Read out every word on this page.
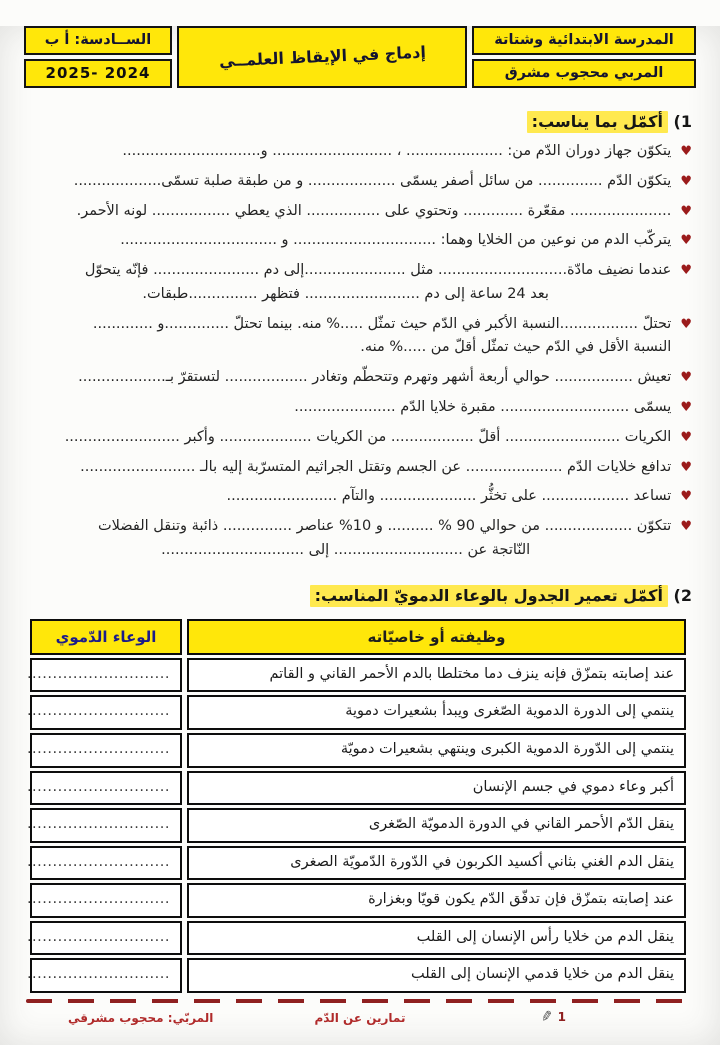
المدرسة الابتدائية وشتاتة
المربي محجوب مشرق
إدماج في الإيقاظ العلمــي
الســادسة: أ ب
2025- 2024
1) أكمّل بما يناسب:
♥
يتكوّن جهاز دوران الدّم من: ..................... ، .......................... و..............................
♥
يتكوّن الدّم .............. من سائل أصفر يسمّى ................... و من طبقة صلبة تسمّى...................
♥
...................... مقعّرة ............. وتحتوي على ................ الذي يعطي ................. لونه الأحمر.
♥
يتركّب الدم من نوعين من الخلايا وهما: ............................... و ..................................
♥
عندما نضيف مادّة............................ مثل ......................إلى دم ....................... فإنّه يتحوّل
بعد 24 ساعة إلى دم ......................... فتظهر ...............طبقات.
♥
تحتلّ .................النسبة الأكبر في الدّم حيث تمثّل .....% منه. بينما تحتلّ ..............و .............
النسبة الأقل في الدّم حيث تمثّل أقلّ من .....% منه.
♥
تعيش ................. حوالي أربعة أشهر وتهرم وتتحطّم وتغادر .................. لتستقرّ بـ...................
♥
يسمّى ............................ مقبرة خلايا الدّم ......................
♥
الكريات ......................... أقلّ .................. من الكريات .................... وأكبر .........................
♥
تدافع خلايات الدّم ..................... عن الجسم وتقتل الجراثيم المتسرّبة إليه بالـ .........................
♥
تساعد ................... على تخثُّر ..................... والتآم ........................
♥
تتكوّن ................... من حوالي 90 % .......... و 10% عناصر ............... ذائبة وتنقل الفضلات
النّاتجة عن ............................ إلى ...............................
2) أكمّل تعمير الجدول بالوعاء الدمويّ المناسب:
وظيفته أو خاصيّاته
الوعاء الدّموي
عند إصابته بتمزّق فإنه ينزف دما مختلطا بالدم الأحمر القاني و القاتم
............................
ينتمي إلى الدورة الدموية الصّغرى ويبدأ بشعيرات دموية
............................
ينتمي إلى الدّورة الدموية الكبرى وينتهي بشعيرات دمويّة
............................
أكبر وعاء دموي في جسم الإنسان
............................
ينقل الدّم الأحمر القاني في الدورة الدمويّة الصّغرى
............................
ينقل الدم الغني بثاني أكسيد الكربون في الدّورة الدّمويّة الصغرى
............................
عند إصابته بتمزّق فإن تدفّق الدّم يكون قويّا وبغزارة
............................
ينقل الدم من خلايا رأس الإنسان إلى القلب
............................
ينقل الدم من خلايا قدمي الإنسان إلى القلب
............................
1
✎
تمارين عن الدّم
المربّي: محجوب مشرقي
